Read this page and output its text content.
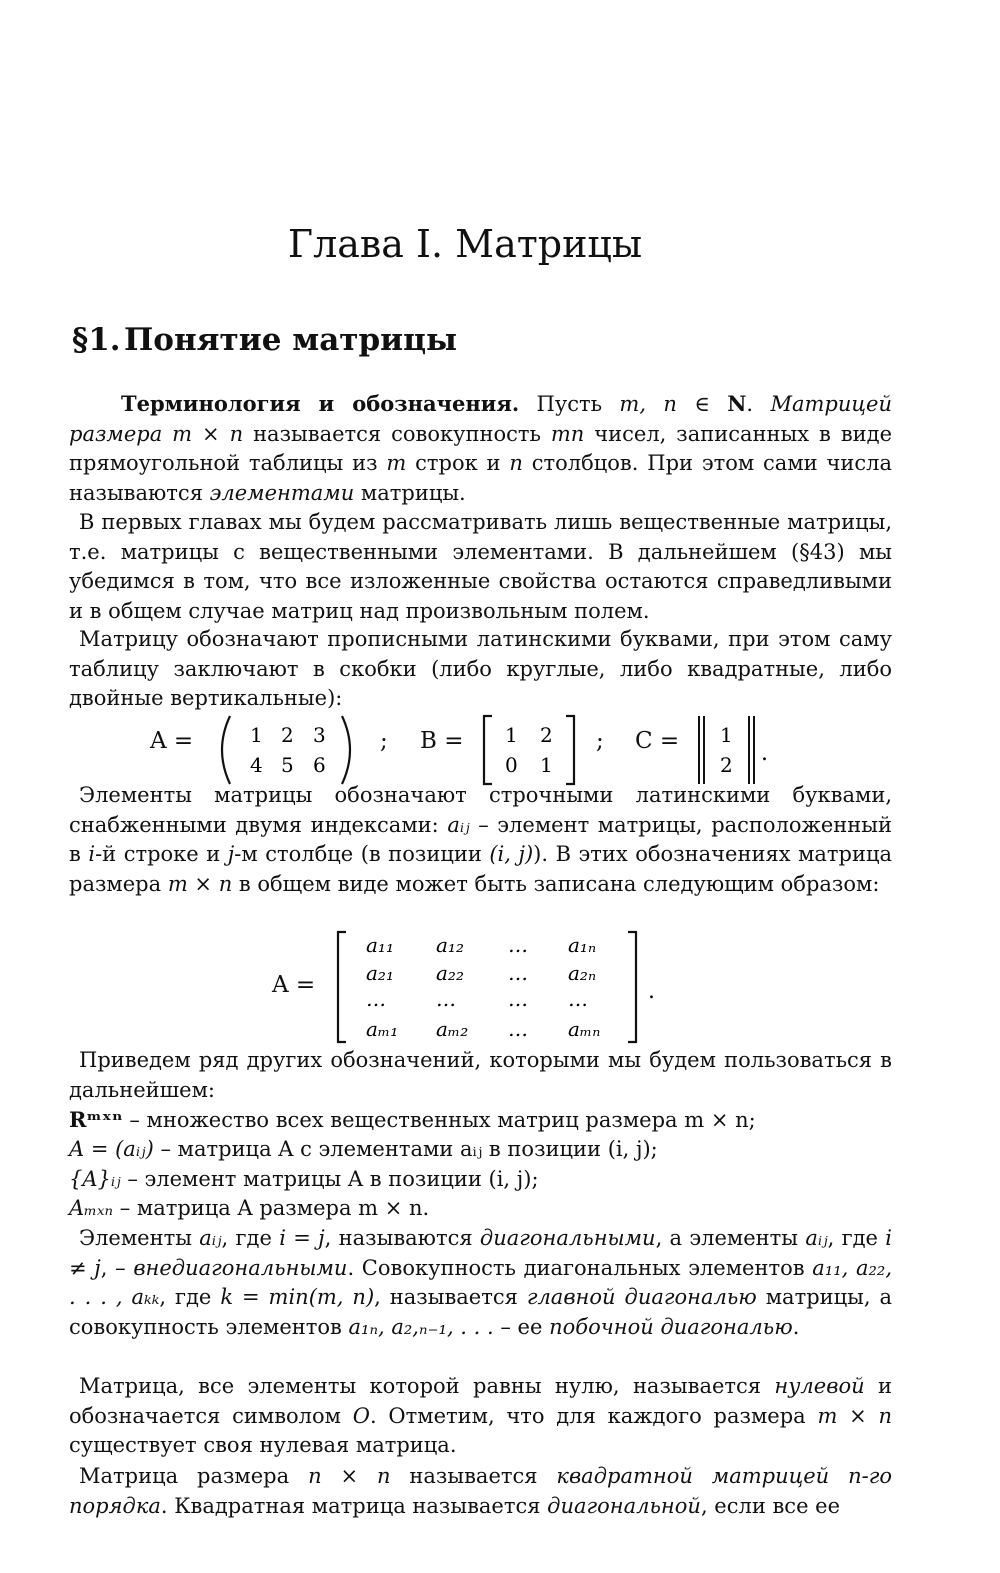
Глава I. Матрицы
§1. Понятие матрицы

Терминология и обозначения. Пусть m, n ∈ N. Матрицей размера m × n называется совокупность mn чисел, записанных в виде прямоугольной таблицы из m строк и n столбцов. При этом сами числа называются элементами матрицы.

В первых главах мы будем рассматривать лишь вещественные матрицы, т.е. матрицы с вещественными элементами. В дальнейшем (§43) мы убедимся в том, что все изложенные свойства остаются справедливыми и в общем случае матриц над произвольным полем.

Матрицу обозначают прописными латинскими буквами, при этом саму таблицу заключают в скобки (либо круглые, либо квадратные, либо двойные вертикальные):

A =	1 2 3
4 5 6
; B = 1 2
0 1
; C = 1
2 .

Элементы матрицы обозначают строчными латинскими буквами, снабженными двумя индексами: aᵢⱼ – элемент матрицы, расположенный в i-й строке и j-м столбце (в позиции (i, j)). В этих обозначениях матрица размера m × n в общем виде может быть записана следующим образом:

A =
a₁₁ a₁₂ … a₁ₙ
a₂₁ a₂₂ … a₂ₙ
…	…	… …
aₘ₁ aₘ₂ … aₘₙ
.

Приведем ряд других обозначений, которыми мы будем пользоваться в дальнейшем:

Rᵐˣⁿ – множество всех вещественных матриц размера m × n;

A = (aᵢⱼ) – матрица A с элементами aᵢⱼ в позиции (i, j);

{A}ᵢⱼ – элемент матрицы A в позиции (i, j);

Aₘₓₙ – матрица A размера m × n.

Элементы aᵢⱼ, где i = j, называются диагональными, а элементы aᵢⱼ, где i ≠ j, – внедиагональными. Совокупность диагональных элементов a₁₁, a₂₂, . . . , aₖₖ, где k = min(m, n), называется главной диагональю матрицы, а совокупность элементов a₁ₙ, a₂,ₙ₋₁, . . . – ее побочной диагональю.

Матрица, все элементы которой равны нулю, называется нулевой и обозначается символом O. Отметим, что для каждого размера m × n существует своя нулевая матрица.

Матрица размера n × n называется квадратной матрицей n-го порядка. Квадратная матрица называется диагональной, если все ее
